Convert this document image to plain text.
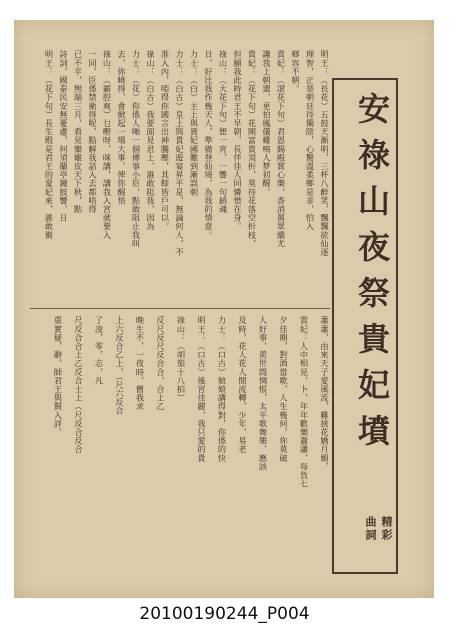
安祿山夜祭貴妃墳
精彩
曲詞
明王：（長花）五鼓天漸明，三杯八醉笑，飄飄欲仙逐
理智，正是朝廷待獨陰，心驚溫柔鄉是非，怕入
鄉容不朝。
貴妃：（滾花下句）君恩賜殿賞心樂，香消萬眾嬌尤
讒我上朝還，更怕鳳儀雞鳴人梦初醒。
貴妃：（花下句）花開富貴須折，莫待花落空折枝，
但願我此時君王不早朝，長伴佳人同憐惜在身。
祿山：（大花下句）想一宵，一響一句銷魂
日，好比我作幾天人，準備登仙境，為我的情意。
力士：（白）主上與貴妃國難到漸誤朝
力士：（白古）皇上與貴妃遊宴昇平是，無論何人，不
准入內，啞得你國言出神騰壓，其餘皆戶可以。
祿山：（白古）我要面見君上，誰敢阻我，因為
力士：（花）你係人哋一個傳事小臣，點敢阻止我叫
去，你曉得，會掀起一場大事，俾你醒悟
祿山：（霸腔爽）乜嘢呀，咪講，講我入宮就要入
一同，臣係禁衛得呢，點解我話入去都唔得
已不平，無端三月，看見樂雞皮天下秋，點
詩詞，國泰民安無憂慮，何須蘭亭鐘鼓響，日
明王：（花下句）長生殿是君王的愛妃來，誰敢衝
蕭蕭，由來天子愛風流，難捨花嬌月媚，
貴妃：人中相見，卜，年年歡樂蕭瀟，每負七
夕佳期，對酒當歌，人生幾何，你莫破
人好事，羨世間惆悵，太平歌舞樂，應該
及時，花人花人間流轉，少年，易老
力士：（口古）娘娘講得對，你係的快
明王：（口古）後宮佳麗，我只愛的貴
祿山：（胡笳十八拍）
反尺反尺反合合，合上乙
晚生不，一夜時，舊我求
上六反合乙上，（尺六反合
了凌，零，志，凡
尺反合合上乙反合士上（尺反合反合
重實疑，辭，師君王與賢入評。
20100190244_P004
